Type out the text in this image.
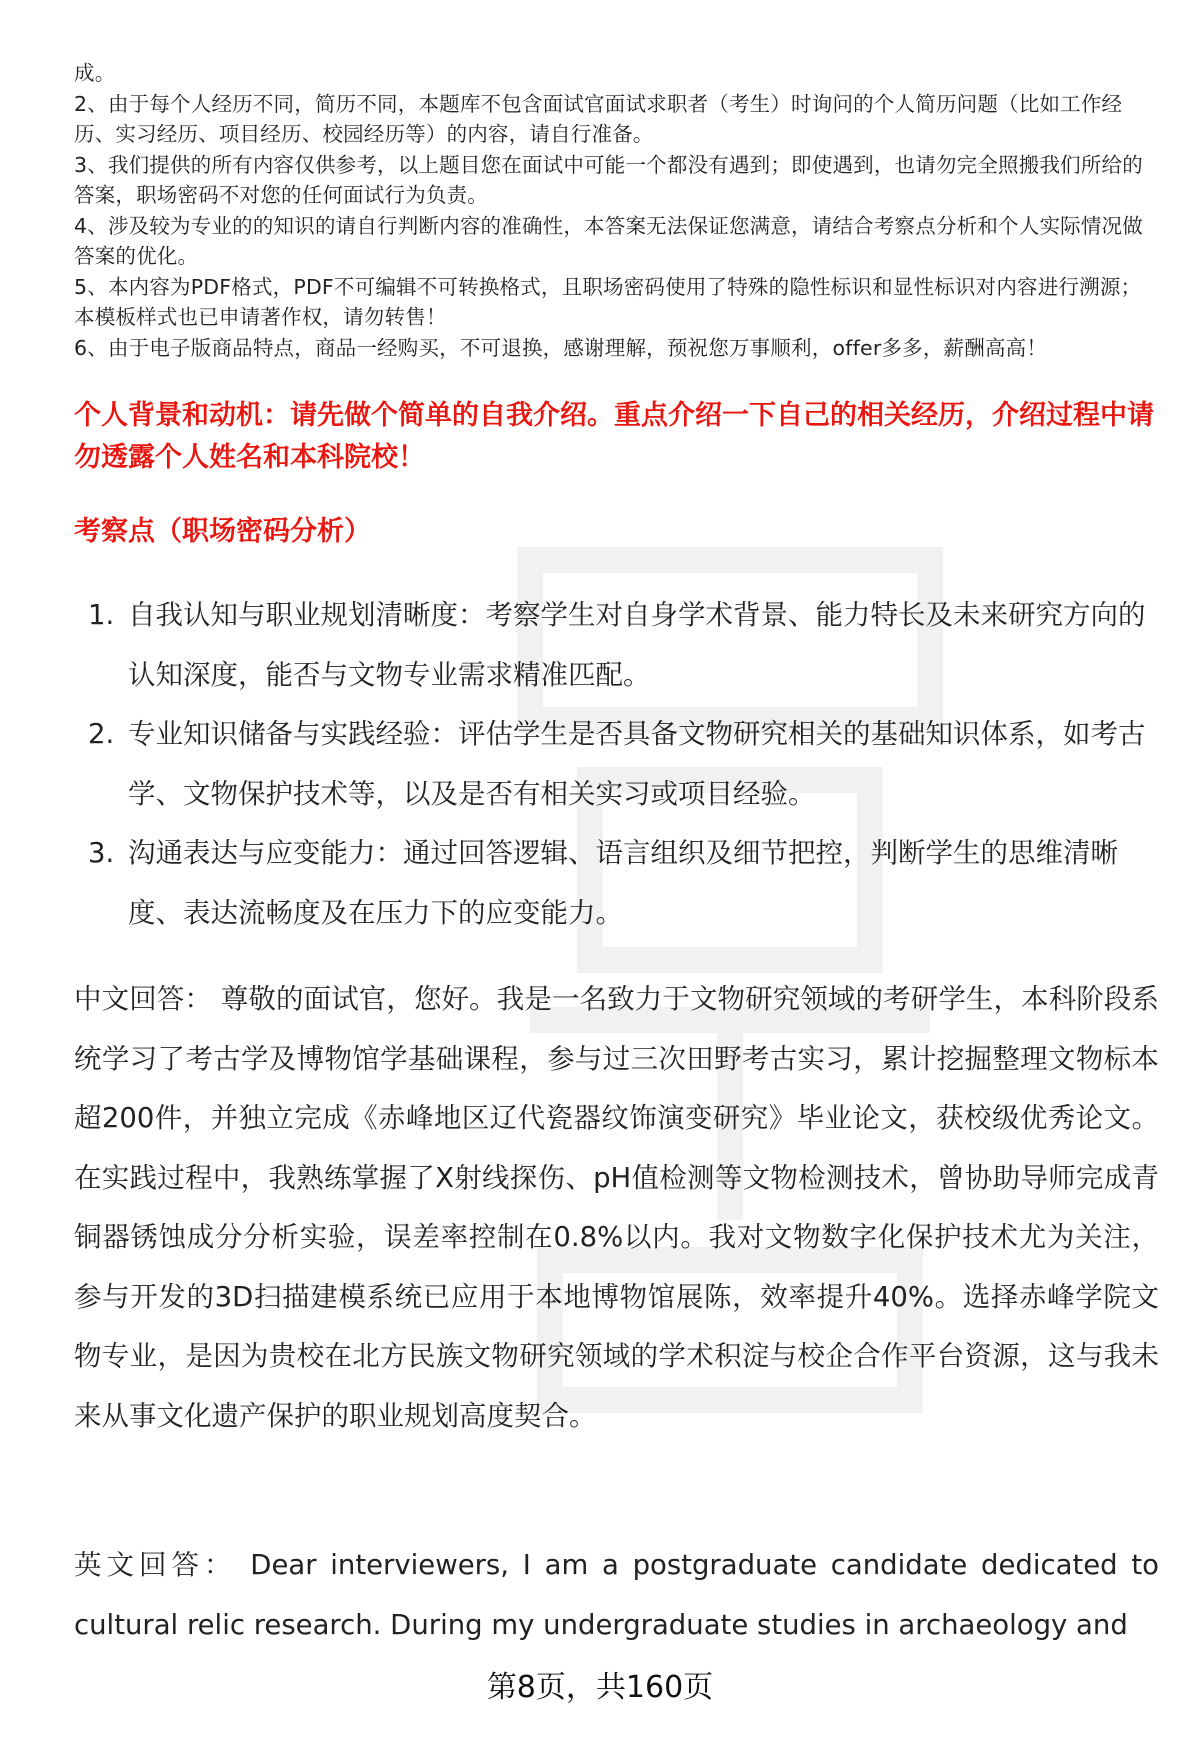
成。

2、由于每个人经历不同，简历不同，本题库不包含面试官面试求职者（考生）时询问的个人简历问题（比如工作经历、实习经历、项目经历、校园经历等）的内容，请自行准备。

3、我们提供的所有内容仅供参考，以上题目您在面试中可能一个都没有遇到；即使遇到，也请勿完全照搬我们所给的答案，职场密码不对您的任何面试行为负责。

4、涉及较为专业的的知识的请自行判断内容的准确性，本答案无法保证您满意，请结合考察点分析和个人实际情况做答案的优化。

5、本内容为PDF格式，PDF不可编辑不可转换格式，且职场密码使用了特殊的隐性标识和显性标识对内容进行溯源；本模板样式也已申请著作权，请勿转售！

6、由于电子版商品特点，商品一经购买，不可退换，感谢理解，预祝您万事顺利，offer多多，薪酬高高！

个人背景和动机：请先做个简单的自我介绍。重点介绍一下自己的相关经历，介绍过程中请勿透露个人姓名和本科院校！

考察点（职场密码分析）

1. 自我认知与职业规划清晰度：考察学生对自身学术背景、能力特长及未来研究方向的认知深度，能否与文物专业需求精准匹配。
2. 专业知识储备与实践经验：评估学生是否具备文物研究相关的基础知识体系，如考古学、文物保护技术等，以及是否有相关实习或项目经验。
3. 沟通表达与应变能力：通过回答逻辑、语言组织及细节把控，判断学生的思维清晰度、表达流畅度及在压力下的应变能力。

中文回答： 尊敬的面试官，您好。我是一名致力于文物研究领域的考研学生，本科阶段系统学习了考古学及博物馆学基础课程，参与过三次田野考古实习，累计挖掘整理文物标本超200件，并独立完成《赤峰地区辽代瓷器纹饰演变研究》毕业论文，获校级优秀论文。在实践过程中，我熟练掌握了X射线探伤、pH值检测等文物检测技术，曾协助导师完成青铜器锈蚀成分分析实验，误差率控制在0.8%以内。我对文物数字化保护技术尤为关注，参与开发的3D扫描建模系统已应用于本地博物馆展陈，效率提升40%。选择赤峰学院文物专业，是因为贵校在北方民族文物研究领域的学术积淀与校企合作平台资源，这与我未来从事文化遗产保护的职业规划高度契合。

英文回答： Dear interviewers, I am a postgraduate candidate dedicated to cultural relic research. During my undergraduate studies in archaeology and

第8页，共160页
